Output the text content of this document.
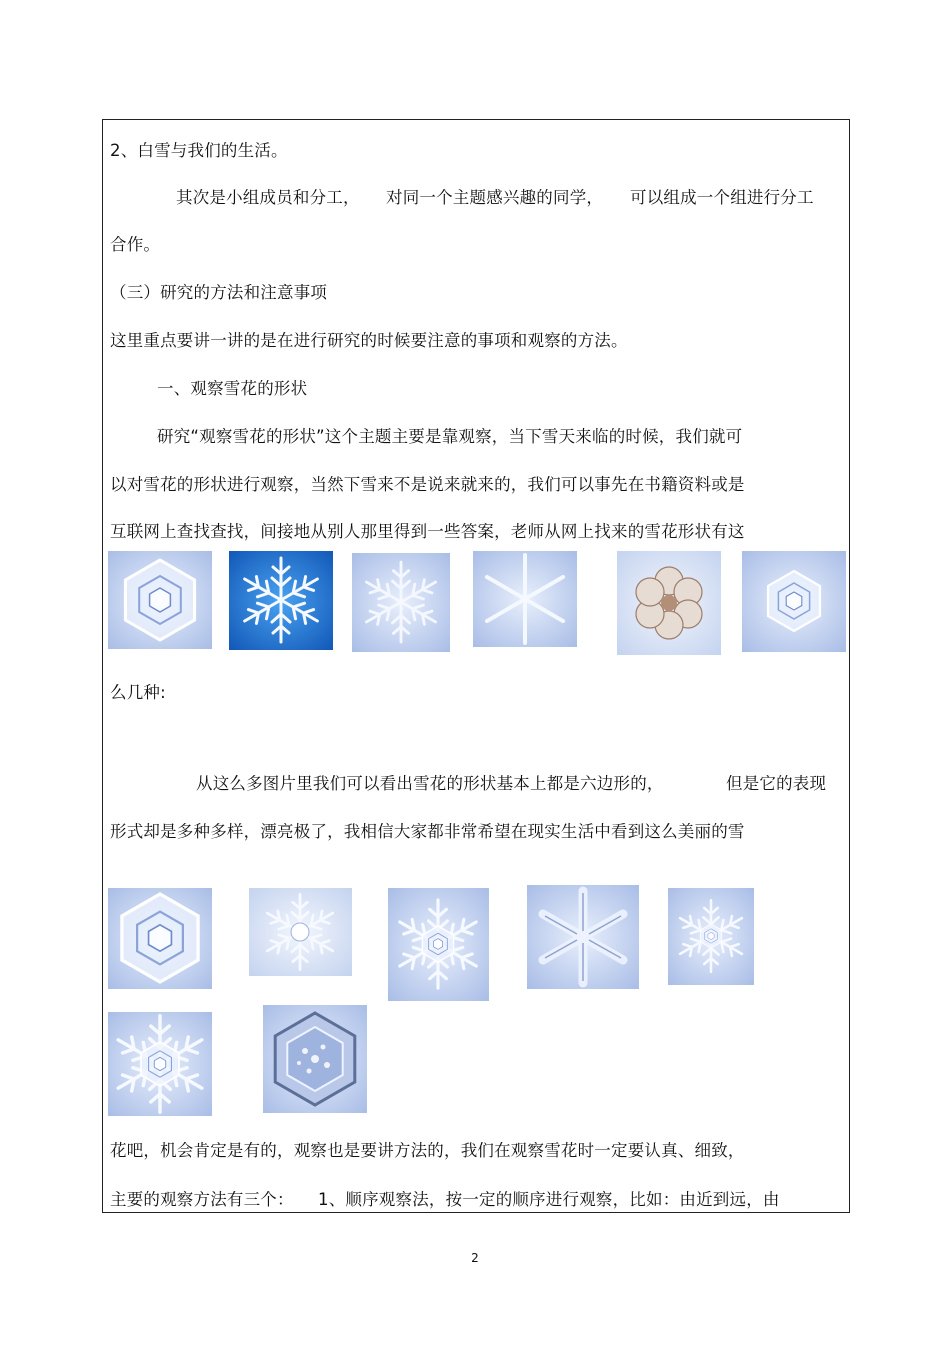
2、白雪与我们的生活。
其次是小组成员和分工， 对同一个主题感兴趣的同学， 可以组成一个组进行分工
合作。
（三）研究的方法和注意事项
这里重点要讲一讲的是在进行研究的时候要注意的事项和观察的方法。
一、观察雪花的形状
研究“观察雪花的形状”这个主题主要是靠观察，当下雪天来临的时候，我们就可
以对雪花的形状进行观察，当然下雪来不是说来就来的，我们可以事先在书籍资料或是
互联网上查找查找，间接地从别人那里得到一些答案，老师从网上找来的雪花形状有这
么几种:
从这么多图片里我们可以看出雪花的形状基本上都是六边形的，	但是它的表现
形式却是多种多样，漂亮极了，我相信大家都非常希望在现实生活中看到这么美丽的雪
花吧，机会肯定是有的，观察也是要讲方法的，我们在观察雪花时一定要认真、细致，
主要的观察方法有三个： 1、顺序观察法，按一定的顺序进行观察，比如：由近到远，由
2
